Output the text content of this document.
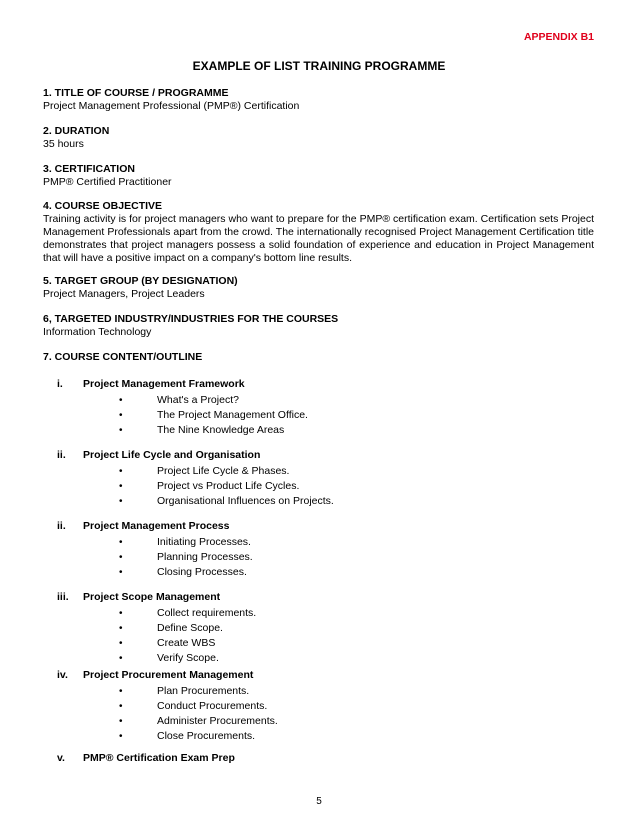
APPENDIX B1
EXAMPLE OF LIST TRAINING PROGRAMME
1. TITLE OF COURSE / PROGRAMME
Project Management Professional (PMP®) Certification
2. DURATION
35 hours
3. CERTIFICATION
PMP® Certified Practitioner
4. COURSE OBJECTIVE
Training activity is for project managers who want to prepare for the PMP® certification exam. Certification sets Project Management Professionals apart from the crowd. The internationally recognised Project Management Certification title demonstrates that project managers possess a solid foundation of experience and education in Project Management that will have a positive impact on a company's bottom line results.
5. TARGET GROUP (BY DESIGNATION)
Project Managers, Project Leaders
6, TARGETED INDUSTRY/INDUSTRIES FOR THE COURSES
Information Technology
7. COURSE CONTENT/OUTLINE
i.	Project Management Framework
•	What's a Project?
•	The Project Management Office.
•	The Nine Knowledge Areas
ii.	Project Life Cycle and Organisation
•	Project Life Cycle & Phases.
•	Project vs Product Life Cycles.
•	Organisational Influences on Projects.
ii.	Project Management Process
•	Initiating Processes.
•	Planning Processes.
•	Closing Processes.
iii.	Project Scope Management
•	Collect requirements.
•	Define Scope.
•	Create WBS
•	Verify Scope.
iv.	Project Procurement Management
•	Plan Procurements.
•	Conduct Procurements.
•	Administer Procurements.
•	Close Procurements.
v.	PMP® Certification Exam Prep
5
